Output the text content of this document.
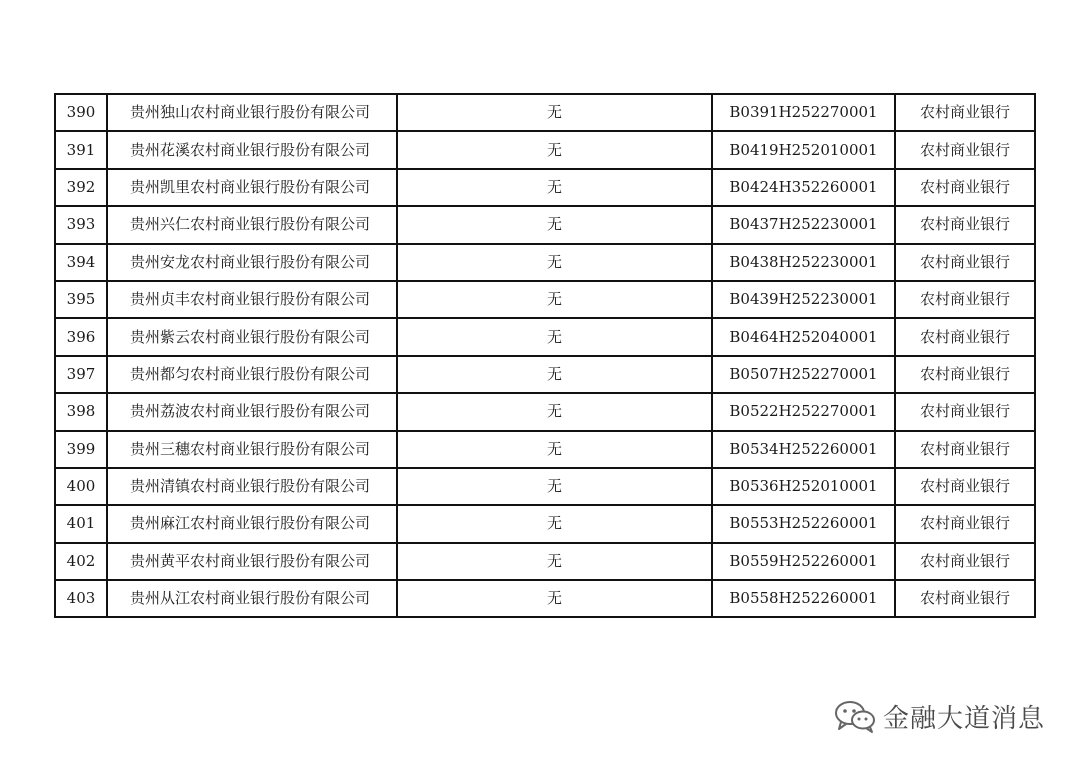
390	贵州独山农村商业银行股份有限公司	无	B0391H252270001	农村商业银行
391	贵州花溪农村商业银行股份有限公司	无	B0419H252010001	农村商业银行
392	贵州凯里农村商业银行股份有限公司	无	B0424H352260001	农村商业银行
393	贵州兴仁农村商业银行股份有限公司	无	B0437H252230001	农村商业银行
394	贵州安龙农村商业银行股份有限公司	无	B0438H252230001	农村商业银行
395	贵州贞丰农村商业银行股份有限公司	无	B0439H252230001	农村商业银行
396	贵州紫云农村商业银行股份有限公司	无	B0464H252040001	农村商业银行
397	贵州都匀农村商业银行股份有限公司	无	B0507H252270001	农村商业银行
398	贵州荔波农村商业银行股份有限公司	无	B0522H252270001	农村商业银行
399	贵州三穗农村商业银行股份有限公司	无	B0534H252260001	农村商业银行
400	贵州清镇农村商业银行股份有限公司	无	B0536H252010001	农村商业银行
401	贵州麻江农村商业银行股份有限公司	无	B0553H252260001	农村商业银行
402	贵州黄平农村商业银行股份有限公司	无	B0559H252260001	农村商业银行
403	贵州从江农村商业银行股份有限公司	无	B0558H252260001	农村商业银行
金融大道消息
